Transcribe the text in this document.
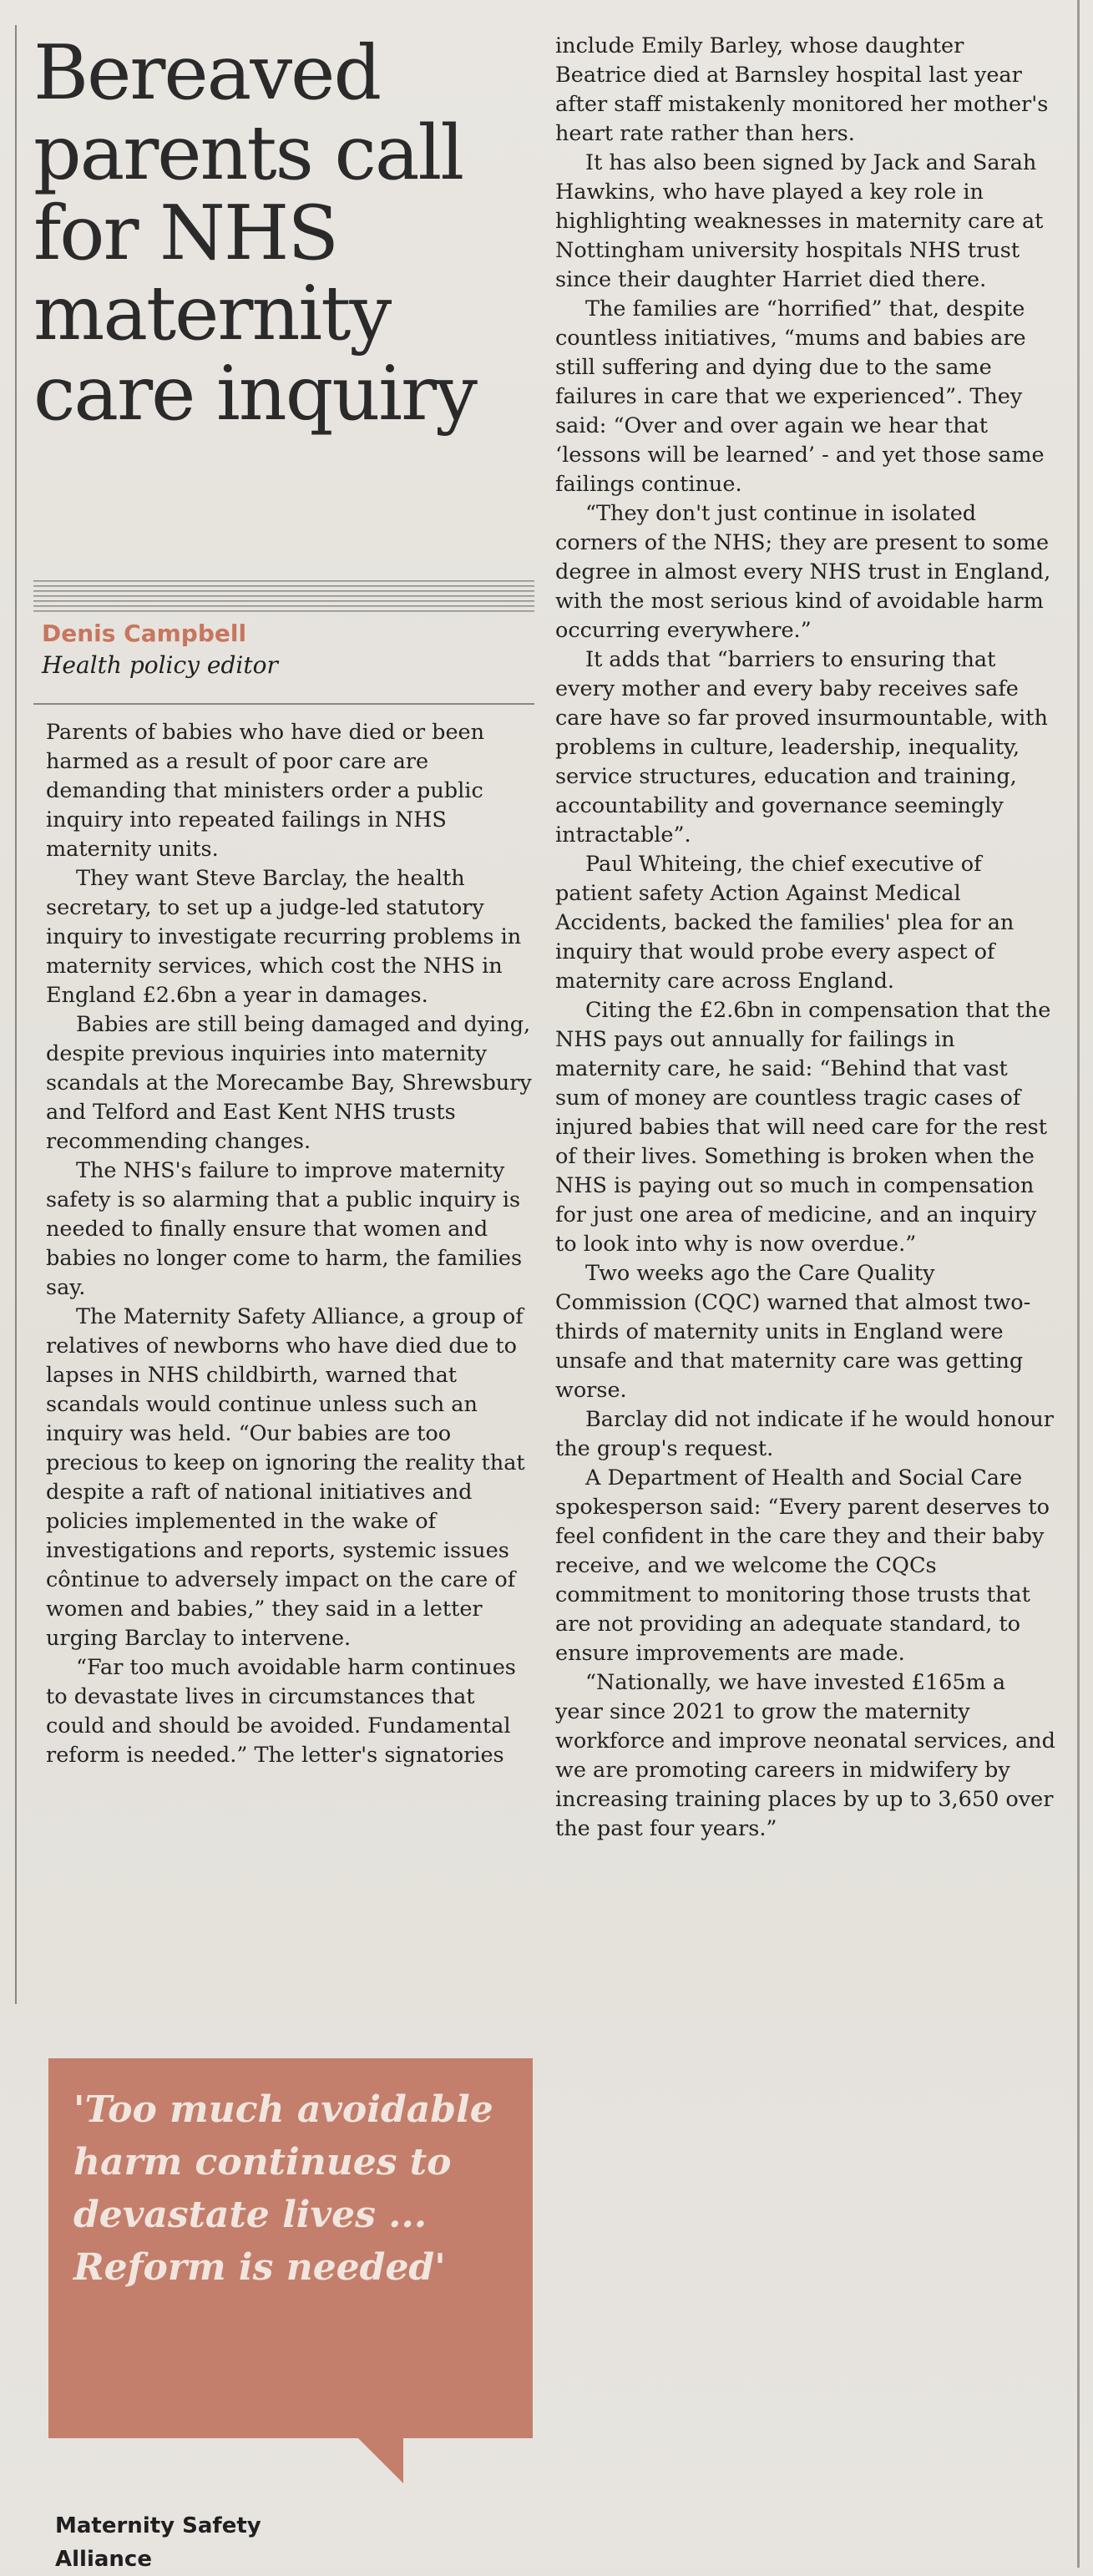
Bereaved parents call for NHS maternity care inquiry
Denis Campbell
Health policy editor

Parents of babies who have died or been harmed as a result of poor care are demanding that ministers order a public inquiry into repeated failings in NHS maternity units.

They want Steve Barclay, the health secretary, to set up a judge-led statutory inquiry to investigate recurring problems in maternity services, which cost the NHS in England £2.6bn a year in damages.

Babies are still being damaged and dying, despite previous inquiries into maternity scandals at the Morecambe Bay, Shrewsbury and Telford and East Kent NHS trusts recommending changes.

The NHS's failure to improve maternity safety is so alarming that a public inquiry is needed to finally ensure that women and babies no longer come to harm, the families say.

The Maternity Safety Alliance, a group of relatives of newborns who have died due to lapses in NHS childbirth, warned that scandals would continue unless such an inquiry was held. “Our babies are too precious to keep on ignoring the reality that despite a raft of national initiatives and policies implemented in the wake of investigations and reports, systemic issues côntinue to adversely impact on the care of women and babies,” they said in a letter urging Barclay to intervene.

“Far too much avoidable harm continues to devastate lives in circumstances that could and should be avoided. Fundamental reform is needed.” The letter's signatories

'Too much avoidable harm continues to devastate lives ... Reform is needed'

Maternity Safety Alliance

include Emily Barley, whose daughter Beatrice died at Barnsley hospital last year after staff mistakenly monitored her mother's heart rate rather than hers.

It has also been signed by Jack and Sarah Hawkins, who have played a key role in highlighting weaknesses in maternity care at Nottingham university hospitals NHS trust since their daughter Harriet died there.

The families are “horrified” that, despite countless initiatives, “mums and babies are still suffering and dying due to the same failures in care that we experienced”. They said: “Over and over again we hear that ‘lessons will be learned’ - and yet those same failings continue.

“They don't just continue in isolated corners of the NHS; they are present to some degree in almost every NHS trust in England, with the most serious kind of avoidable harm occurring everywhere.”

It adds that “barriers to ensuring that every mother and every baby receives safe care have so far proved insurmountable, with problems in culture, leadership, inequality, service structures, education and training, accountability and governance seemingly intractable”.

Paul Whiteing, the chief executive of patient safety Action Against Medical Accidents, backed the families' plea for an inquiry that would probe every aspect of maternity care across England.

Citing the £2.6bn in compensation that the NHS pays out annually for failings in maternity care, he said: “Behind that vast sum of money are countless tragic cases of injured babies that will need care for the rest of their lives. Something is broken when the NHS is paying out so much in compensation for just one area of medicine, and an inquiry to look into why is now overdue.”

Two weeks ago the Care Quality Commission (CQC) warned that almost two-thirds of maternity units in England were unsafe and that maternity care was getting worse.

Barclay did not indicate if he would honour the group's request.

A Department of Health and Social Care spokesperson said: “Every parent deserves to feel confident in the care they and their baby receive, and we welcome the CQCs commitment to monitoring those trusts that are not providing an adequate standard, to ensure improvements are made.

“Nationally, we have invested £165m a year since 2021 to grow the maternity workforce and improve neonatal services, and we are promoting careers in midwifery by increasing training places by up to 3,650 over the past four years.”
